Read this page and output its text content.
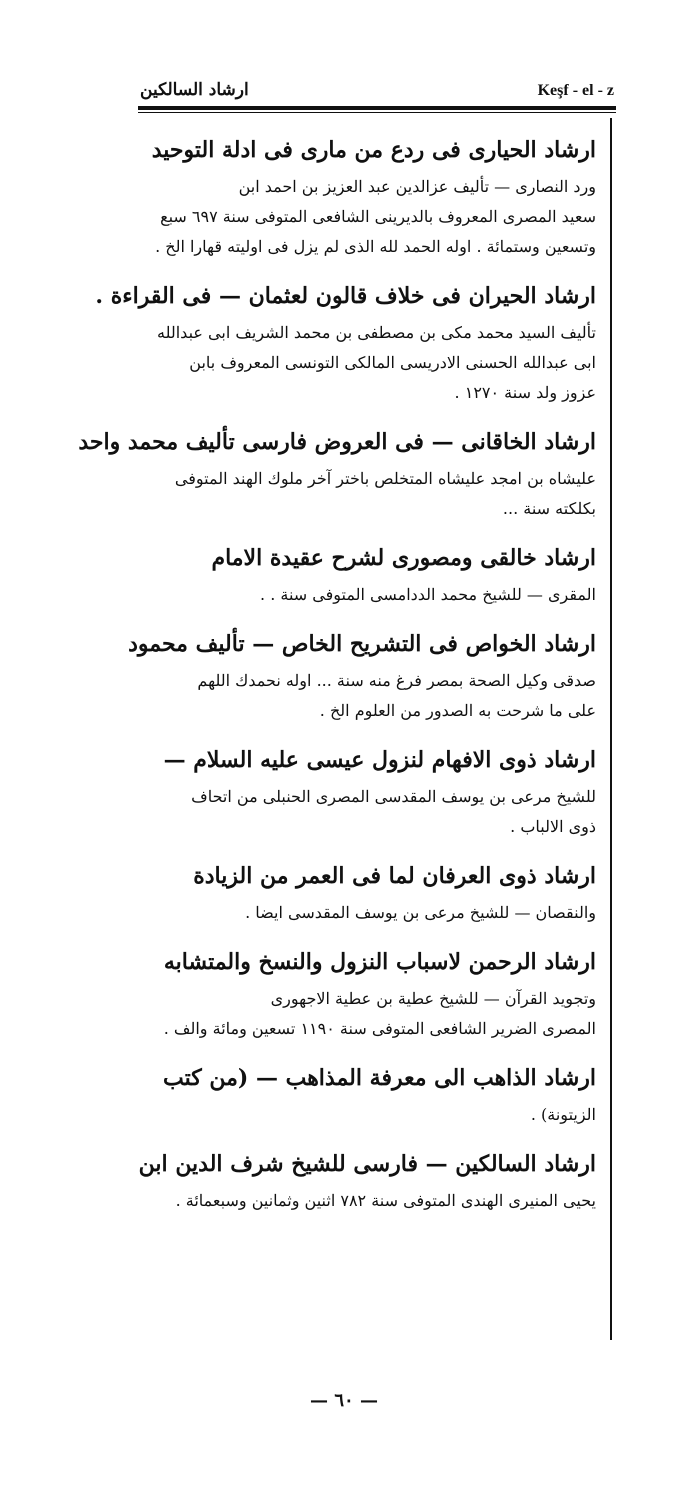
ارشاد السالكين	Keşf - el - z
ارشاد الحيارى فى ردع من مارى فى ادلة التوحيد
ورد النصارى — تأليف عزالدين عبد العزيز بن احمد ابن
سعيد المصرى المعروف بالديرينى الشافعى المتوفى سنة ٦٩٧ سبع
وتسعين وستمائة . اوله الحمد لله الذى لم يزل فى اوليته قهارا الخ .
ارشاد الحيران فى خلاف قالون لعثمان — فى القراءة .
تأليف السيد محمد مكى بن مصطفى بن محمد الشريف ابى عبدالله
ابى عبدالله الحسنى الادريسى المالكى التونسى المعروف بابن
عزوز ولد سنة ١٢٧٠ .
ارشاد الخاقانى — فى العروض فارسى تأليف محمد واحد
عليشاه بن امجد عليشاه المتخلص باختر آخر ملوك الهند المتوفى
بكلكته سنة ...
ارشاد خالقى ومصورى لشرح عقيدة الامام
المقرى — للشيخ محمد الددامسى المتوفى سنة . .
ارشاد الخواص فى التشريح الخاص — تأليف محمود
صدقى وكيل الصحة بمصر فرغ منه سنة ... اوله نحمدك اللهم
على ما شرحت به الصدور من العلوم الخ .
ارشاد ذوى الافهام لنزول عيسى عليه السلام —
للشيخ مرعى بن يوسف المقدسى المصرى الحنبلى من اتحاف
ذوى الالباب .
ارشاد ذوى العرفان لما فى العمر من الزيادة
والنقصان — للشيخ مرعى بن يوسف المقدسى ايضا .
ارشاد الرحمن لاسباب النزول والنسخ والمتشابه
وتجويد القرآن — للشيخ عطية بن عطية الاجهورى
المصرى الضرير الشافعى المتوفى سنة ١١٩٠ تسعين ومائة والف .
ارشاد الذاهب الى معرفة المذاهب — (من كتب
الزيتونة) .
ارشاد السالكين — فارسى للشيخ شرف الدين ابن
يحيى المنيرى الهندى المتوفى سنة ٧٨٢ اثنين وثمانين وسبعمائة .
— ٦٠ —
